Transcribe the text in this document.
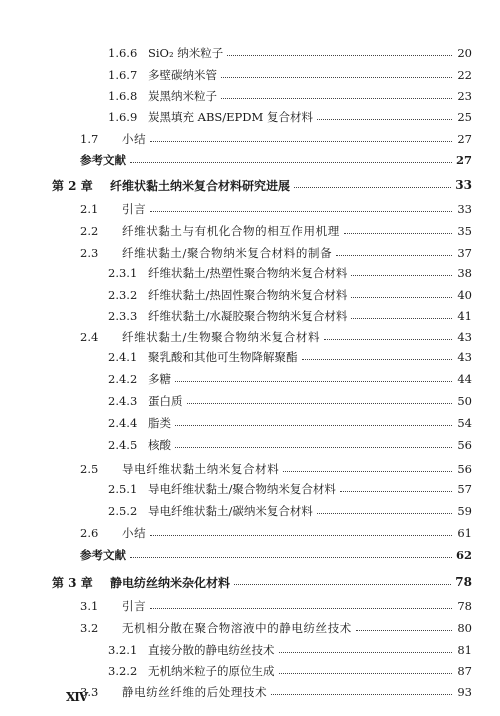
1.6.6 SiO₂ 纳米粒子	20
1.6.7 多壁碳纳米管	22
1.6.8 炭黑纳米粒子	23
1.6.9 炭黑填充 ABS/EPDM 复合材料	25
1.7	小结	27
参考文献	27
第 2 章	纤维状黏土纳米复合材料研究进展	33
2.1	引言	33
2.2	纤维状黏土与有机化合物的相互作用机理	35
2.3	纤维状黏土/聚合物纳米复合材料的制备	37
2.3.1 纤维状黏土/热塑性聚合物纳米复合材料	38
2.3.2 纤维状黏土/热固性聚合物纳米复合材料	40
2.3.3 纤维状黏土/水凝胶聚合物纳米复合材料	41
2.4	纤维状黏土/生物聚合物纳米复合材料	43
2.4.1 聚乳酸和其他可生物降解聚酯	43
2.4.2 多糖	44
2.4.3 蛋白质	50
2.4.4 脂类	54
2.4.5 核酸	56
2.5	导电纤维状黏土纳米复合材料	56
2.5.1 导电纤维状黏土/聚合物纳米复合材料	57
2.5.2 导电纤维状黏土/碳纳米复合材料	59
2.6	小结	61
参考文献	62
第 3 章	静电纺丝纳米杂化材料	78
3.1	引言	78
3.2	无机相分散在聚合物溶液中的静电纺丝技术	80
3.2.1 直接分散的静电纺丝技术	81
3.2.2 无机纳米粒子的原位生成	87
3.3	静电纺丝纤维的后处理技术	93
XIV
